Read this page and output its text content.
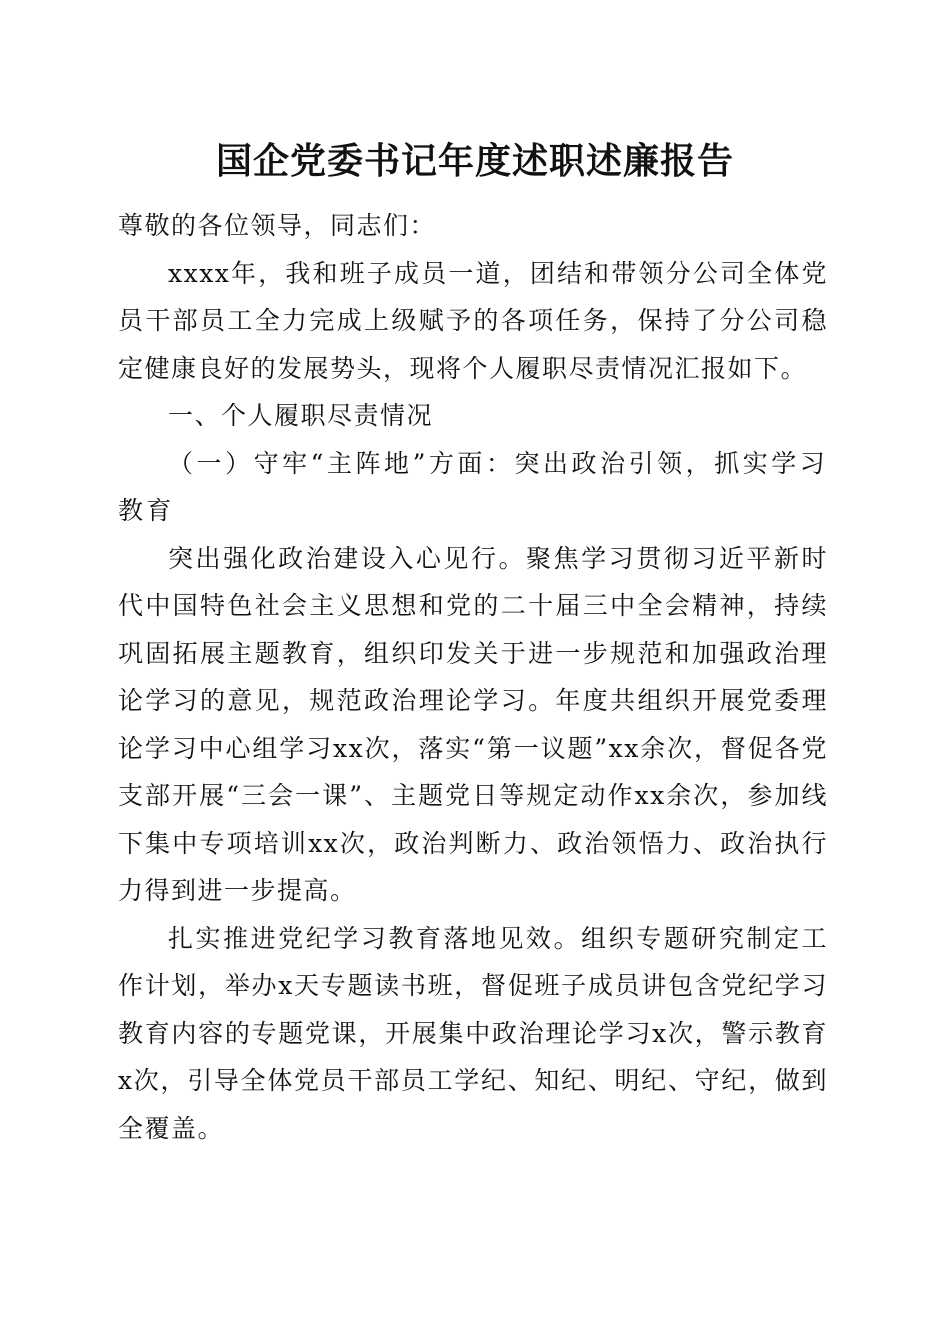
国企党委书记年度述职述廉报告

尊敬的各位领导，同志们：

xxxx年，我和班子成员一道，团结和带领分公司全体党员干部员工全力完成上级赋予的各项任务，保持了分公司稳定健康良好的发展势头，现将个人履职尽责情况汇报如下。

一、个人履职尽责情况

（一）守牢“主阵地”方面：突出政治引领，抓实学习教育

突出强化政治建设入心见行。聚焦学习贯彻习近平新时代中国特色社会主义思想和党的二十届三中全会精神，持续巩固拓展主题教育，组织印发关于进一步规范和加强政治理论学习的意见，规范政治理论学习。年度共组织开展党委理论学习中心组学习xx次，落实“第一议题”xx余次，督促各党支部开展“三会一课”、主题党日等规定动作xx余次，参加线下集中专项培训xx次，政治判断力、政治领悟力、政治执行力得到进一步提高。

扎实推进党纪学习教育落地见效。组织专题研究制定工作计划，举办x天专题读书班，督促班子成员讲包含党纪学习教育内容的专题党课，开展集中政治理论学习x次，警示教育x次，引导全体党员干部员工学纪、知纪、明纪、守纪，做到全覆盖。
